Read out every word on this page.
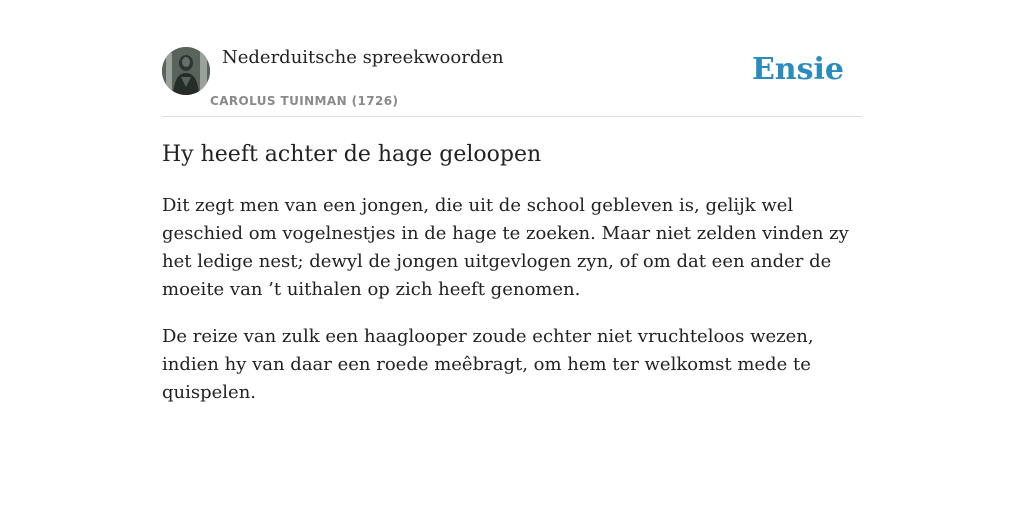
Nederduitsche spreekwoorden
CAROLUS TUINMAN (1726)
Ensie
Hy heeft achter de hage geloopen

Dit zegt men van een jongen, die uit de school gebleven is, gelijk wel geschied om vogelnestjes in de hage te zoeken. Maar niet zelden vinden zy het ledige nest; dewyl de jongen uitgevlogen zyn, of om dat een ander de moeite van ’t uithalen op zich heeft genomen.

De reize van zulk een haaglooper zoude echter niet vruchteloos wezen, indien hy van daar een roede meêbragt, om hem ter welkomst mede te quispelen.
